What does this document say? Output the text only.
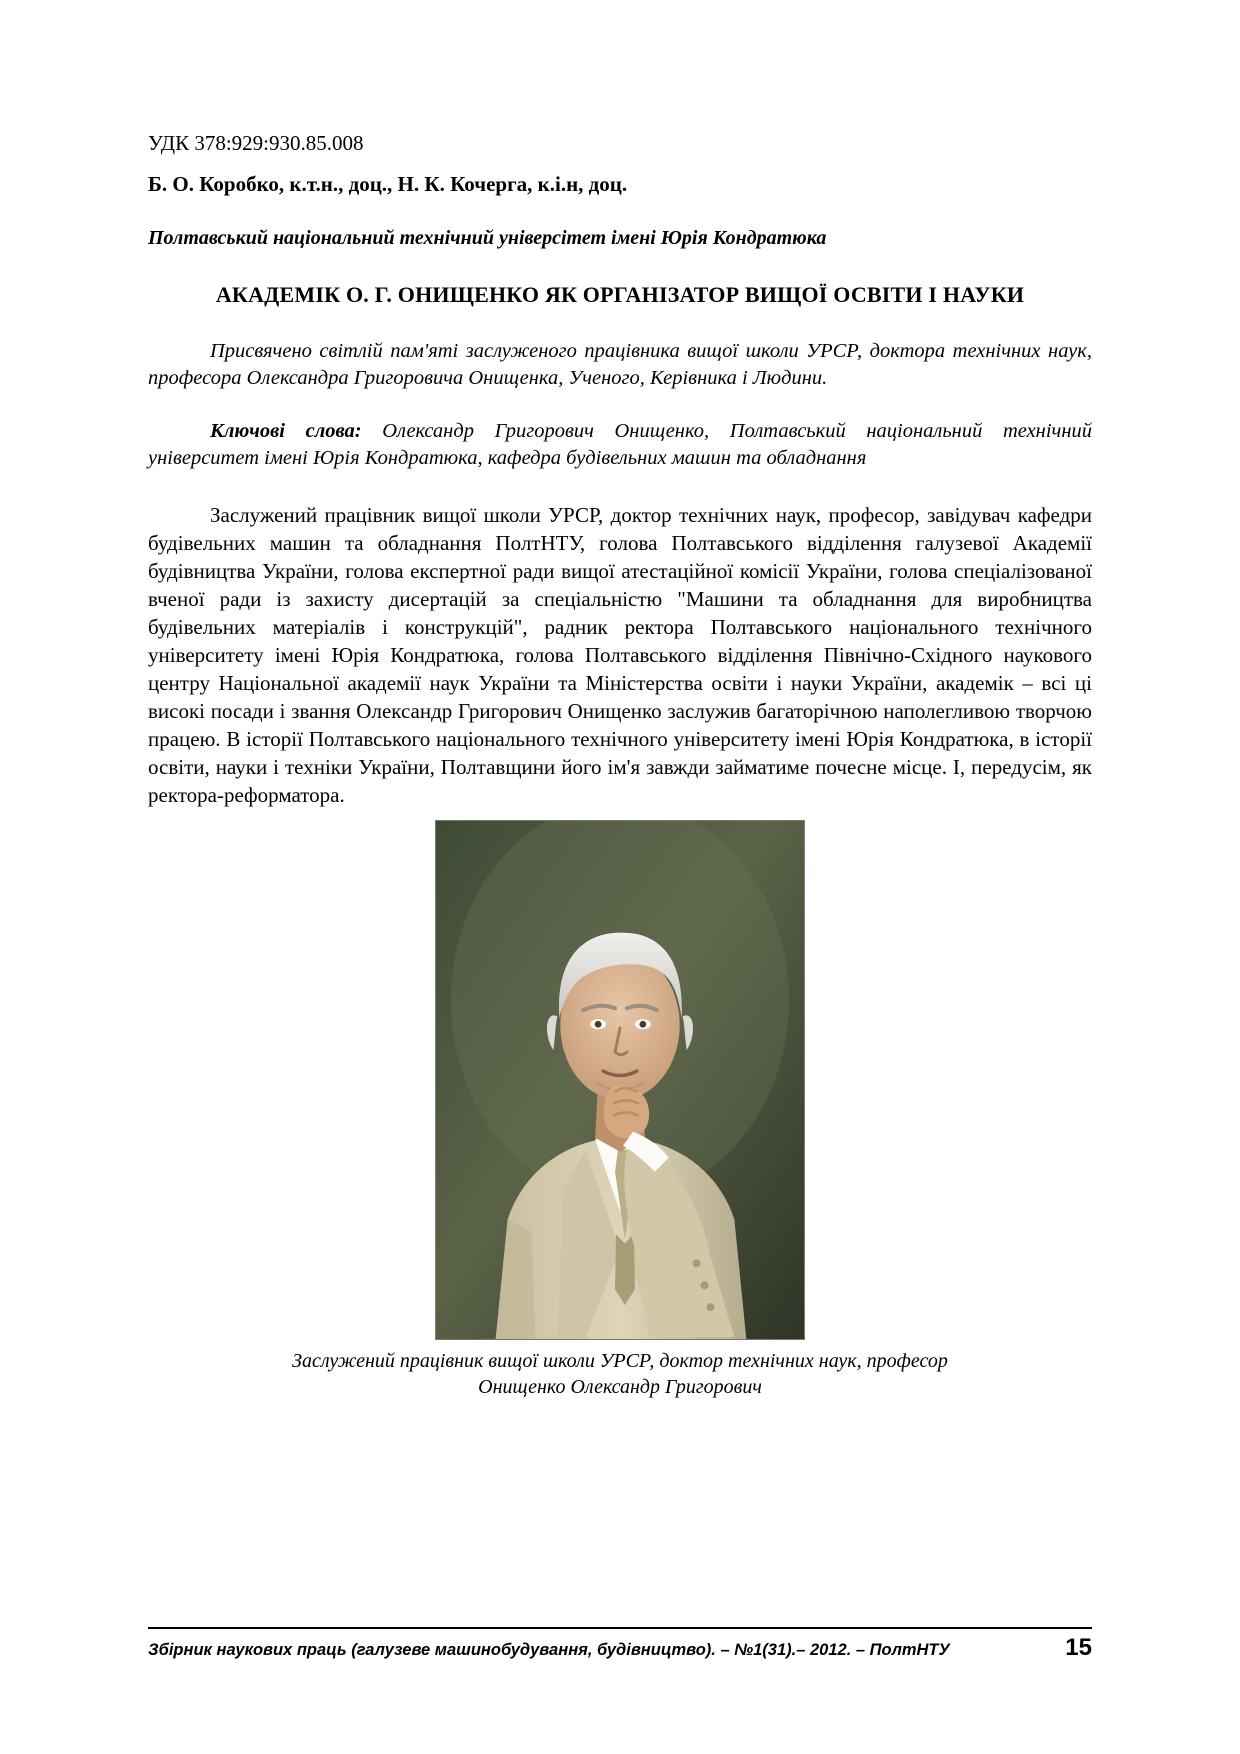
УДК 378:929:930.85.008

Б. О. Коробко, к.т.н., доц., Н. К. Кочерга, к.і.н, доц.

Полтавський національний технічний універсітет імені Юрія Кондратюка

АКАДЕМІК О. Г. ОНИЩЕНКО ЯК ОРГАНІЗАТОР ВИЩОЇ ОСВІТИ І НАУКИ

Присвячено світлій пам'яті заслуженого працівника вищої школи УРСР, доктора технічних наук, професора Олександра Григоровича Онищенка, Ученого, Керівника і Людини.

Ключові слова: Олександр Григорович Онищенко, Полтавський національний технічний університет імені Юрія Кондратюка, кафедра будівельних машин та обладнання

Заслужений працівник вищої школи УРСР, доктор технічних наук, професор, завідувач кафедри будівельних машин та обладнання ПолтНТУ, голова Полтавського відділення галузевої Академії будівництва України, голова експертної ради вищої атестаційної комісії України, голова спеціалізованої вченої ради із захисту дисертацій за спеціальністю "Машини та обладнання для виробництва будівельних матеріалів і конструкцій", радник ректора Полтавського національного технічного університету імені Юрія Кондратюка, голова Полтавського відділення Північно-Східного наукового центру Національної академії наук України та Міністерства освіти і науки України, академік – всі ці високі посади і звання Олександр Григорович Онищенко заслужив багаторічною наполегливою творчою працею. В історії Полтавського національного технічного університету імені Юрія Кондратюка, в історії освіти, науки і техніки України, Полтавщини його ім'я завжди займатиме почесне місце. І, передусім, як ректора-реформатора.

Заслужений працівник вищої школи УРСР, доктор технічних наук, професор
Онищенко Олександр Григорович
Збірник наукових праць (галузеве машинобудування, будівництво). – №1(31).– 2012. – ПолтНТУ	15
